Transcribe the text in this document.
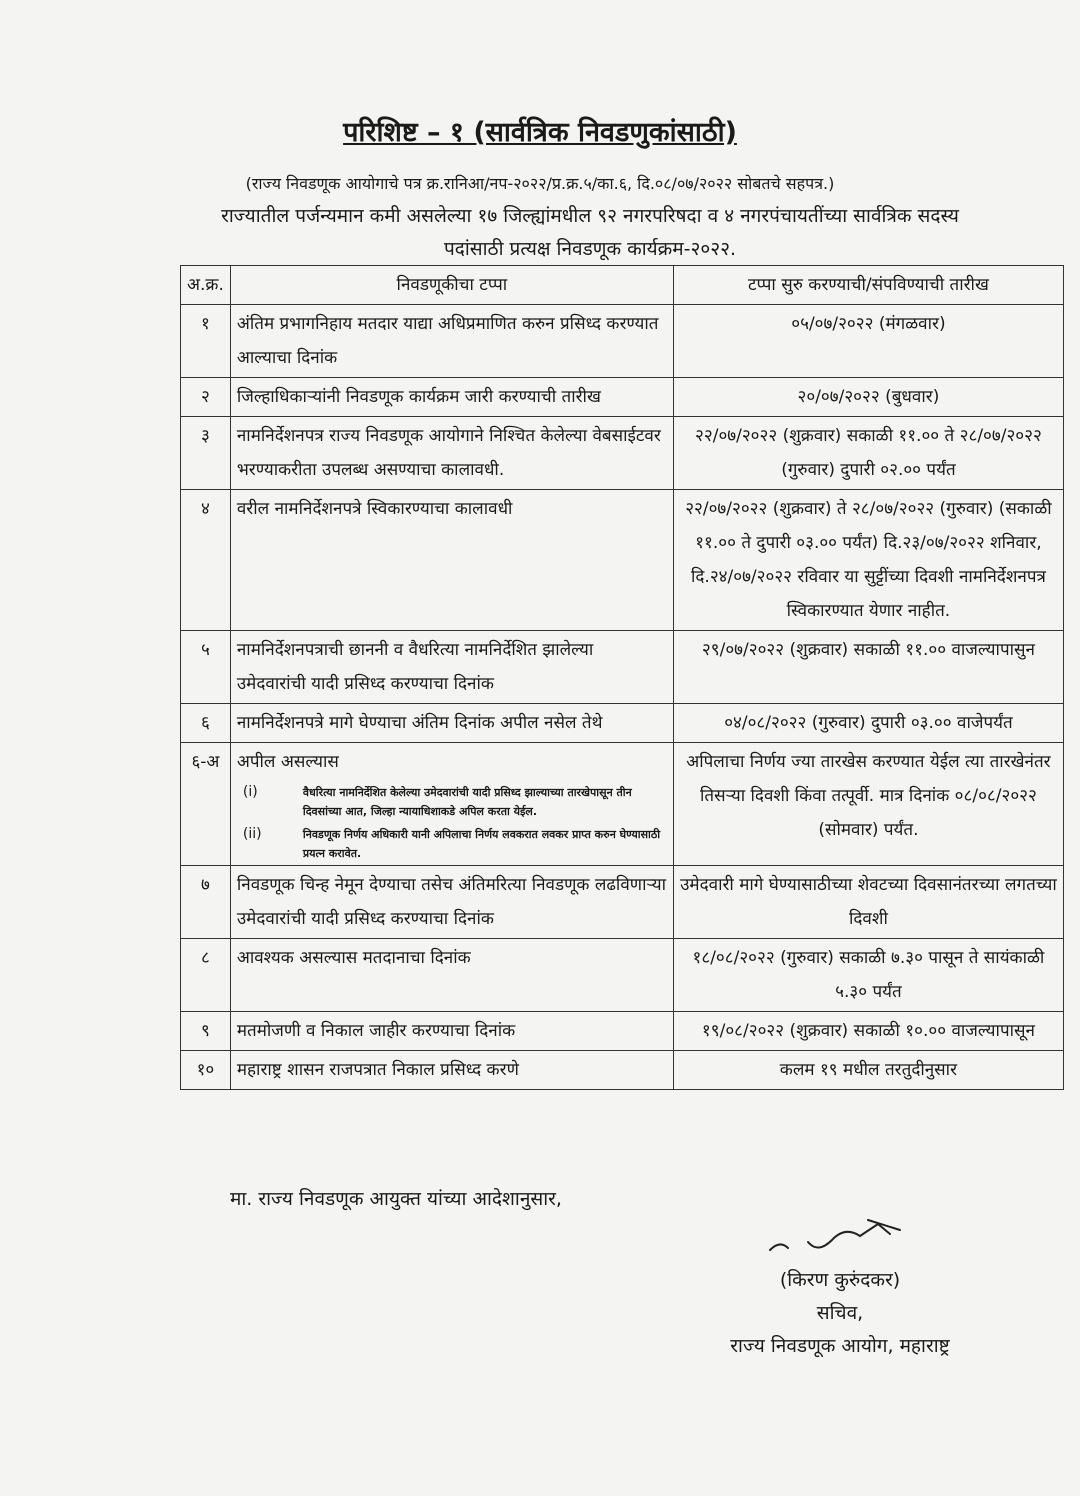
परिशिष्ट – १ (सार्वत्रिक निवडणुकांसाठी)
(राज्य निवडणूक आयोगाचे पत्र क्र.रानिआ/नप-२०२२/प्र.क्र.५/का.६, दि.०८/०७/२०२२ सोबतचे सहपत्र.)
राज्यातील पर्जन्यमान कमी असलेल्या १७ जिल्ह्यांमधील ९२ नगरपरिषदा व ४ नगरपंचायतींच्या सार्वत्रिक सदस्य
पदांसाठी प्रत्यक्ष निवडणूक कार्यक्रम-२०२२.
अ.क्र.	निवडणूकीचा टप्पा	टप्पा सुरु करण्याची/संपविण्याची तारीख
१	अंतिम प्रभागनिहाय मतदार याद्या अधिप्रमाणित करुन प्रसिध्द करण्यात आल्याचा दिनांक	०५/०७/२०२२ (मंगळवार)
२	जिल्हाधिकाऱ्यांनी निवडणूक कार्यक्रम जारी करण्याची तारीख	२०/०७/२०२२ (बुधवार)
३	नामनिर्देशनपत्र राज्य निवडणूक आयोगाने निश्चित केलेल्या वेबसाईटवर भरण्याकरीता उपलब्ध असण्याचा कालावधी.	२२/०७/२०२२ (शुक्रवार) सकाळी ११.०० ते २८/०७/२०२२ (गुरुवार) दुपारी ०२.०० पर्यंत
४	वरील नामनिर्देशनपत्रे स्विकारण्याचा कालावधी	२२/०७/२०२२ (शुक्रवार) ते २८/०७/२०२२ (गुरुवार) (सकाळी ११.०० ते दुपारी ०३.०० पर्यंत) दि.२३/०७/२०२२ शनिवार, दि.२४/०७/२०२२ रविवार या सुट्टींच्या दिवशी नामनिर्देशनपत्र स्विकारण्यात येणार नाहीत.
५	नामनिर्देशनपत्राची छाननी व वैधरित्या नामनिर्देशित झालेल्या उमेदवारांची यादी प्रसिध्द करण्याचा दिनांक	२९/०७/२०२२ (शुक्रवार) सकाळी ११.०० वाजल्यापासुन
६	नामनिर्देशनपत्रे मागे घेण्याचा अंतिम दिनांक अपील नसेल तेथे	०४/०८/२०२२ (गुरुवार) दुपारी ०३.०० वाजेपर्यंत
६-अ	अपील असल्यास
(i) वैधरित्या नामनिर्देशित केलेल्या उमेदवारांची यादी प्रसिध्द झाल्याच्या तारखेपासून तीन दिवसांच्या आत, जिल्हा न्यायाधिशाकडे अपिल करता येईल.
(ii) निवडणूक निर्णय अधिकारी यानी अपिलाचा निर्णय लवकरात लवकर प्राप्त करुन घेण्यासाठी प्रयत्न करावेत.	अपिलाचा निर्णय ज्या तारखेस करण्यात येईल त्या तारखेनंतर तिसऱ्या दिवशी किंवा तत्पूर्वी. मात्र दिनांक ०८/०८/२०२२ (सोमवार) पर्यंत.
७	निवडणूक चिन्ह नेमून देण्याचा तसेच अंतिमरित्या निवडणूक लढविणाऱ्या उमेदवारांची यादी प्रसिध्द करण्याचा दिनांक	उमेदवारी मागे घेण्यासाठीच्या शेवटच्या दिवसानंतरच्या लगतच्या दिवशी
८	आवश्यक असल्यास मतदानाचा दिनांक	१८/०८/२०२२ (गुरुवार) सकाळी ७.३० पासून ते सायंकाळी ५.३० पर्यंत
९	मतमोजणी व निकाल जाहीर करण्याचा दिनांक	१९/०८/२०२२ (शुक्रवार) सकाळी १०.०० वाजल्यापासून
१०	महाराष्ट्र शासन राजपत्रात निकाल प्रसिध्द करणे	कलम १९ मधील तरतुदीनुसार
मा. राज्य निवडणूक आयुक्त यांच्या आदेशानुसार,
(किरण कुरुंदकर)
सचिव,
राज्य निवडणूक आयोग, महाराष्ट्र
